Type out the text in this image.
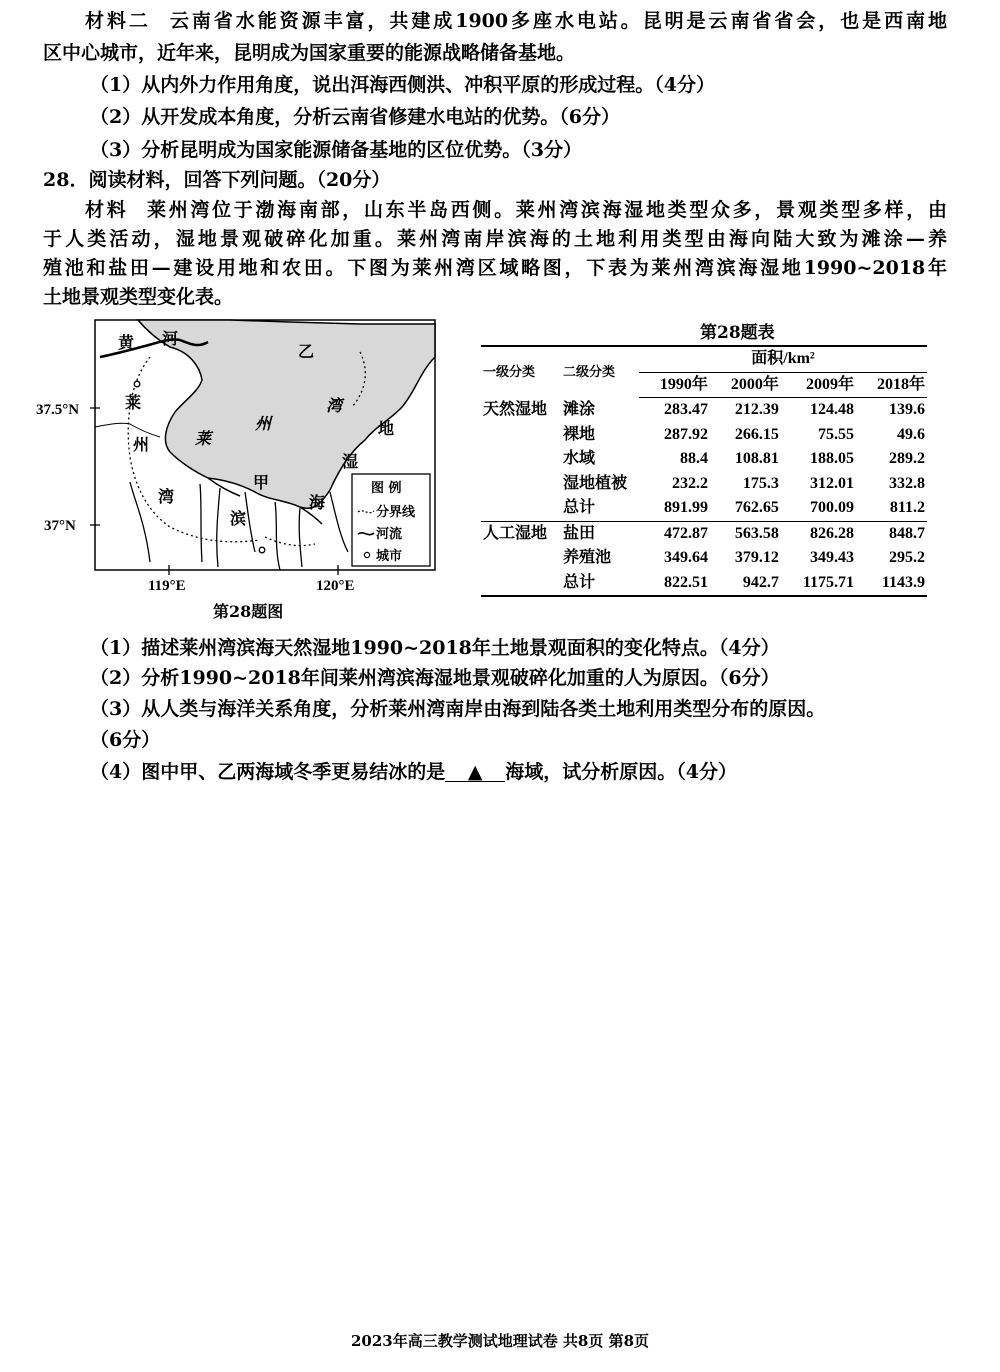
材料二 云南省水能资源丰富，共建成1900多座水电站。昆明是云南省省会，也是西南地
区中心城市，近年来，昆明成为国家重要的能源战略储备基地。
（1）从内外力作用角度，说出洱海西侧洪、冲积平原的形成过程。（4分）
（2）从开发成本角度，分析云南省修建水电站的优势。（6分）
（3）分析昆明成为国家能源储备基地的区位优势。（3分）
28．阅读材料，回答下列问题。（20分）
材料 莱州湾位于渤海南部，山东半岛西侧。莱州湾滨海湿地类型众多，景观类型多样，由
于人类活动，湿地景观破碎化加重。莱州湾南岸滨海的土地利用类型由海向陆大致为滩涂—养
殖池和盐田—建设用地和农田。下图为莱州湾区域略图，下表为莱州湾滨海湿地1990~2018年
土地景观类型变化表。
黄 河
乙
莱
州	莱
州
湾
地
湿
湾
甲
滨
海
37.5°N
37°N
119°E	120°E
图 例
分界线
河流
城市
第28题图
第28题表
一级分类	二级分类	面积/km²			
		1990年	2000年	2009年	2018年
天然湿地	滩涂	283.47	212.39	124.48	139.6
	裸地	287.92	266.15	75.55	49.6
	水域	88.4	108.81	188.05	289.2
	湿地植被	232.2	175.3	312.01	332.8
	总计	891.99	762.65	700.09	811.2
人工湿地	盐田	472.87	563.58	826.28	848.7
	养殖池	349.64	379.12	349.43	295.2
	总计	822.51	942.7	1175.71	1143.9
（1）描述莱州湾滨海天然湿地1990~2018年土地景观面积的变化特点。（4分）
（2）分析1990~2018年间莱州湾滨海湿地景观破碎化加重的人为原因。（6分）
（3）从人类与海洋关系角度，分析莱州湾南岸由海到陆各类土地利用类型分布的原因。
（6分）
（4）图中甲、乙两海域冬季更易结冰的是 ▲ 海域，试分析原因。（4分）
2023年高三教学测试地理试卷 共8页 第8页
